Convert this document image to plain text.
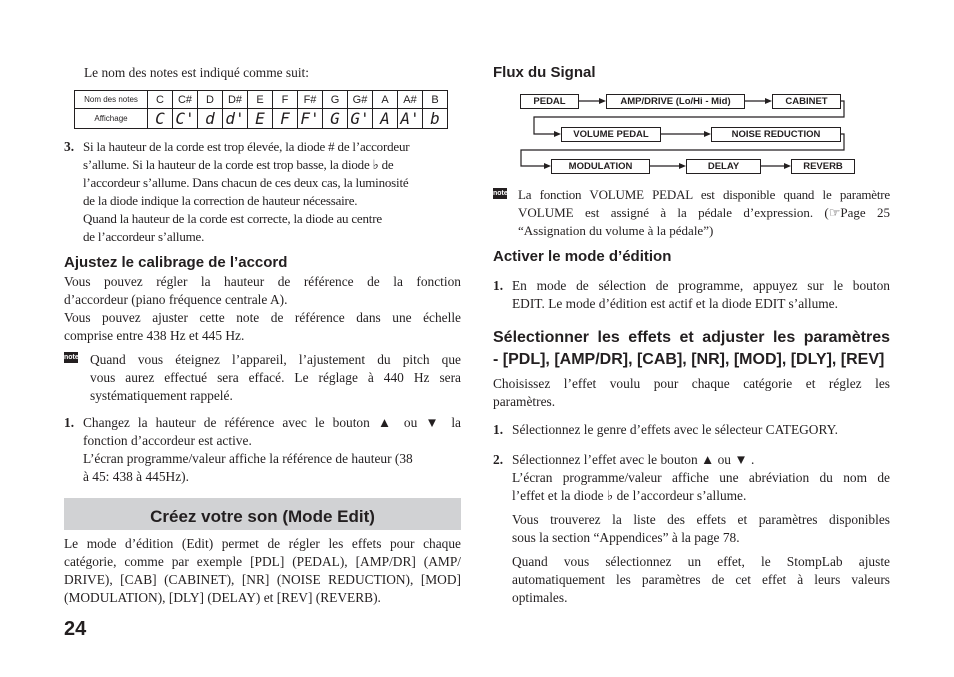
Le nom des notes est indiqué comme suit:
Nom des notes	C	C#	D	D#	E	F	F#	G	G#	A	A#	B
Affichage	C	C'	d	d'	E	F	F'	G	G'	A	A'	b
3. Si la hauteur de la corde est trop élevée, la diode # de l’accordeur
s’allume. Si la hauteur de la corde est trop basse, la diode ♭ de
l’accordeur s’allume. Dans chacun de ces deux cas, la luminosité
de la diode indique la correction de hauteur nécessaire.
Quand la hauteur de la corde est correcte, la diode au centre
de l’accordeur s’allume.
Ajustez le calibrage de l’accord
Vous pouvez régler la hauteur de référence de la fonction
d’accordeur (piano fréquence centrale A).
Vous pouvez ajuster cette note de référence dans une échelle
comprise entre 438 Hz et 445 Hz.
note Quand vous éteignez l’appareil, l’ajustement du pitch que
vous aurez effectué sera effacé. Le réglage à 440 Hz sera
systématiquement rappelé.
1. Changez la hauteur de référence avec le bouton ▲ ou ▼ la
fonction d’accordeur est active.
L’écran programme/valeur affiche la référence de hauteur (38
à 45: 438 à 445Hz).
Créez votre son (Mode Edit)
Le mode d’édition (Edit) permet de régler les effets pour chaque
catégorie, comme par exemple [PDL] (PEDAL), [AMP/DR] (AMP/
DRIVE), [CAB] (CABINET), [NR] (NOISE REDUCTION), [MOD]
(MODULATION), [DLY] (DELAY) et [REV] (REVERB).
24
Flux du Signal
PEDAL	AMP/DRIVE (Lo/Hi - Mid)	CABINET
VOLUME PEDAL	NOISE REDUCTION
MODULATION	DELAY	REVERB
note La fonction VOLUME PEDAL est disponible quand le paramètre
VOLUME est assigné à la pédale d’expression. (☞Page 25
“Assignation du volume à la pédale”)
Activer le mode d’édition
1. En mode de sélection de programme, appuyez sur le bouton
EDIT. Le mode d’édition est actif et la diode EDIT s’allume.
Sélectionner les effets et adjuster les paramètres
- [PDL], [AMP/DR], [CAB], [NR], [MOD], [DLY], [REV]
Choisissez l’effet voulu pour chaque catégorie et réglez les
paramètres.
1. Sélectionnez le genre d’effets avec le sélecteur CATEGORY.
2. Sélectionnez l’effet avec le bouton ▲ ou ▼ .
L’écran programme/valeur affiche une abréviation du nom de
l’effet et la diode ♭ de l’accordeur s’allume.
Vous trouverez la liste des effets et paramètres disponibles
sous la section “Appendices” à la page 78.
Quand vous sélectionnez un effet, le StompLab ajuste
automatiquement les paramètres de cet effet à leurs valeurs
optimales.
